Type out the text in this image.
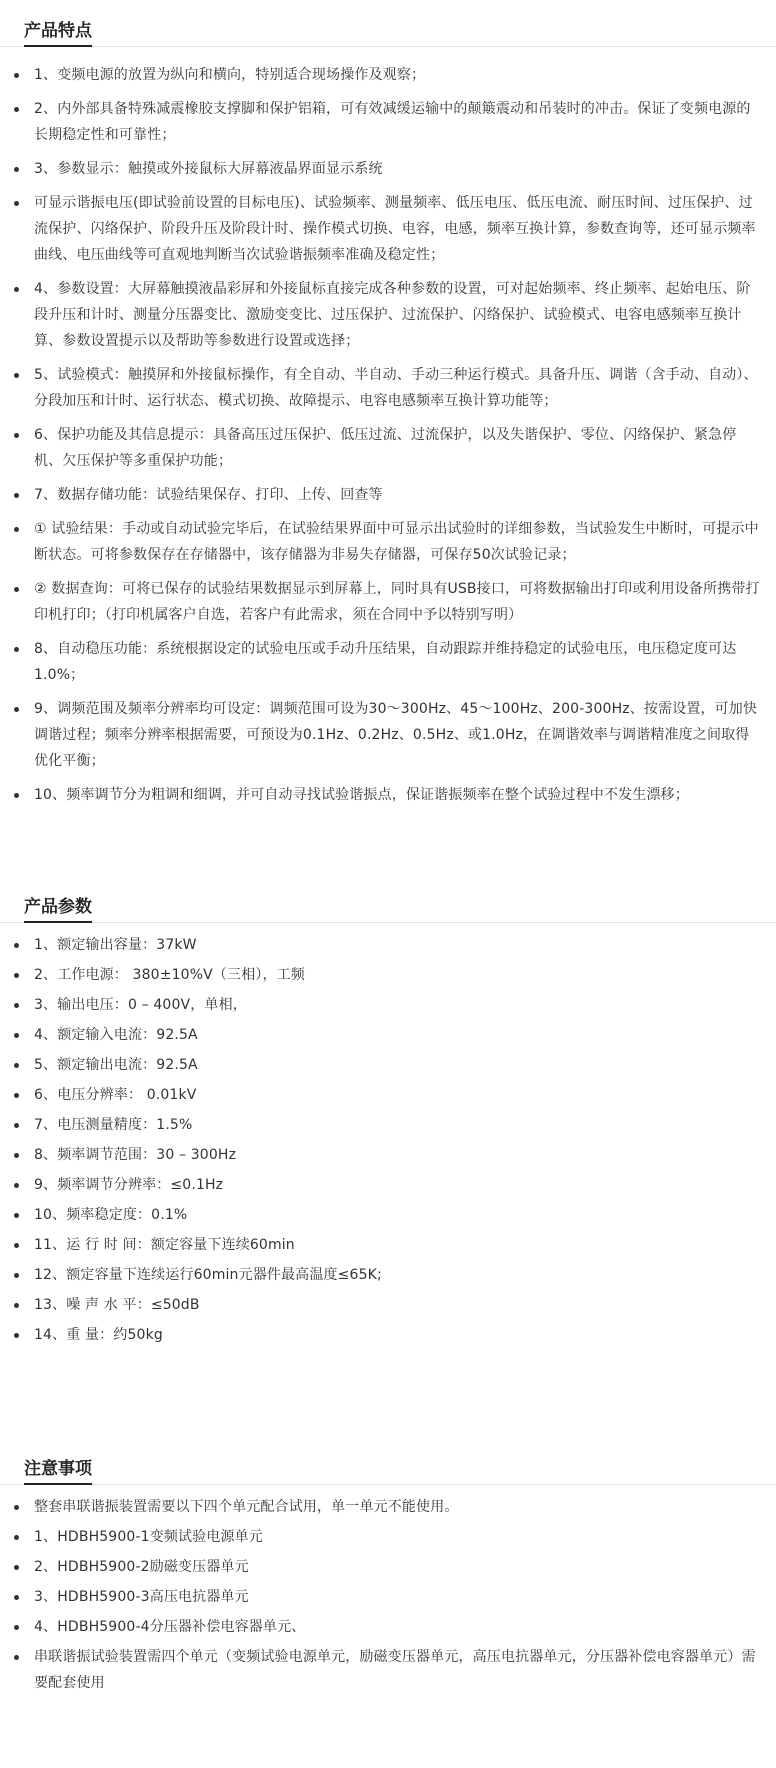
产品特点
1、变频电源的放置为纵向和横向，特别适合现场操作及观察；
2、内外部具备特殊减震橡胶支撑脚和保护铝箱，可有效减缓运输中的颠簸震动和吊装时的冲击。保证了变频电源的长期稳定性和可靠性；
3、参数显示：触摸或外接鼠标大屏幕液晶界面显示系统
可显示谐振电压(即试验前设置的目标电压)、试验频率、测量频率、低压电压、低压电流、耐压时间、过压保护、过流保护、闪络保护、阶段升压及阶段计时、操作模式切换、电容，电感，频率互换计算，参数查询等，还可显示频率曲线、电压曲线等可直观地判断当次试验谐振频率准确及稳定性；
4、参数设置：大屏幕触摸液晶彩屏和外接鼠标直接完成各种参数的设置，可对起始频率、终止频率、起始电压、阶段升压和计时、测量分压器变比、激励变变比、过压保护、过流保护、闪络保护、试验模式、电容电感频率互换计算、参数设置提示以及帮助等参数进行设置或选择；
5、试验模式：触摸屏和外接鼠标操作，有全自动、半自动、手动三种运行模式。具备升压、调谐（含手动、自动）、分段加压和计时、运行状态、模式切换、故障提示、电容电感频率互换计算功能等；
6、保护功能及其信息提示：具备高压过压保护、低压过流、过流保护，以及失谐保护、零位、闪络保护、紧急停机、欠压保护等多重保护功能；
7、数据存储功能：试验结果保存、打印、上传、回查等
① 试验结果：手动或自动试验完毕后，在试验结果界面中可显示出试验时的详细参数，当试验发生中断时，可提示中断状态。可将参数保存在存储器中，该存储器为非易失存储器，可保存50次试验记录；
② 数据查询：可将已保存的试验结果数据显示到屏幕上，同时具有USB接口，可将数据输出打印或利用设备所携带打印机打印；（打印机属客户自选，若客户有此需求，须在合同中予以特别写明）
8、自动稳压功能：系统根据设定的试验电压或手动升压结果，自动跟踪并维持稳定的试验电压，电压稳定度可达1.0%；
9、调频范围及频率分辨率均可设定：调频范围可设为30～300Hz、45～100Hz、200-300Hz、按需设置，可加快调谐过程；频率分辨率根据需要，可预设为0.1Hz、0.2Hz、0.5Hz、或1.0Hz，在调谐效率与调谐精准度之间取得优化平衡；
10、频率调节分为粗调和细调，并可自动寻找试验谐振点，保证谐振频率在整个试验过程中不发生漂移；
产品参数
1、额定输出容量：37kW
2、工作电源： 380±10%V（三相），工频
3、输出电压：0 – 400V，单相，
4、额定输入电流：92.5A
5、额定输出电流：92.5A
6、电压分辨率： 0.01kV
7、电压测量精度：1.5%
8、频率调节范围：30 – 300Hz
9、频率调节分辨率：≤0.1Hz
10、频率稳定度：0.1%
11、运 行 时 间：额定容量下连续60min
12、额定容量下连续运行60min元器件最高温度≤65K;
13、噪 声 水 平：≤50dB
14、重 量：约50kg
注意事项
整套串联谐振装置需要以下四个单元配合试用，单一单元不能使用。
1、HDBH5900-1变频试验电源单元
2、HDBH5900-2励磁变压器单元
3、HDBH5900-3高压电抗器单元
4、HDBH5900-4分压器补偿电容器单元、
串联谐振试验装置需四个单元（变频试验电源单元，励磁变压器单元，高压电抗器单元，分压器补偿电容器单元）需要配套使用
